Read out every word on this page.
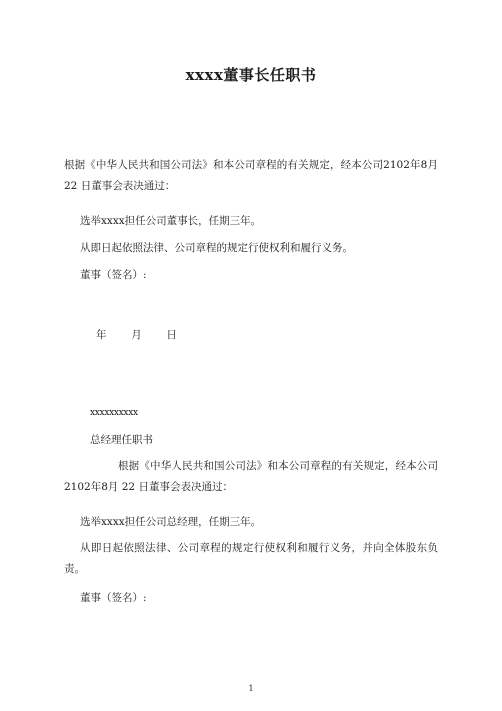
xxxx董事长任职书
根据《中华人民共和国公司法》和本公司章程的有关规定，经本公司2102年8月 22 日董事会表决通过：
选举xxxx担任公司董事长，任期三年。
从即日起依照法律、公司章程的规定行使权利和履行义务。
董事（签名）:
年 月 日
xxxxxxxxxx
总经理任职书
根据《中华人民共和国公司法》和本公司章程的有关规定，经本公司2102年8月 22 日董事会表决通过：
选举xxxx担任公司总经理，任期三年。
从即日起依照法律、公司章程的规定行使权利和履行义务，并向全体股东负责。
董事（签名）:
1
